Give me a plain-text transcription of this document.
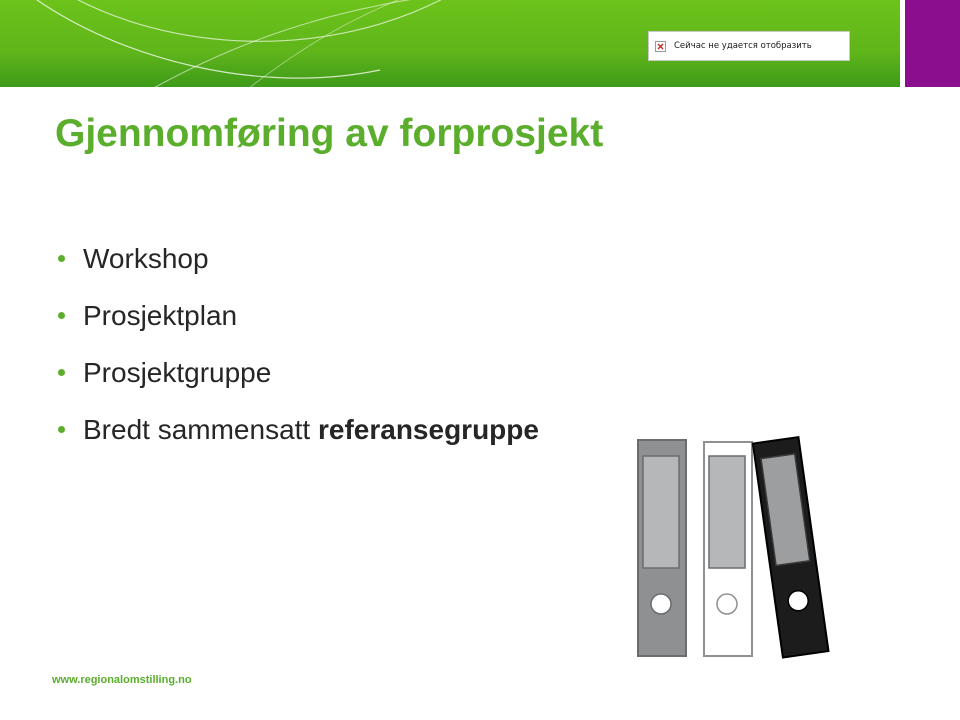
Сейчас не удается отобразить
Gjennomføring av forprosjekt
Workshop
Prosjektplan
Prosjektgruppe
Bredt sammensatt referansegruppe
www.regionalomstilling.no
